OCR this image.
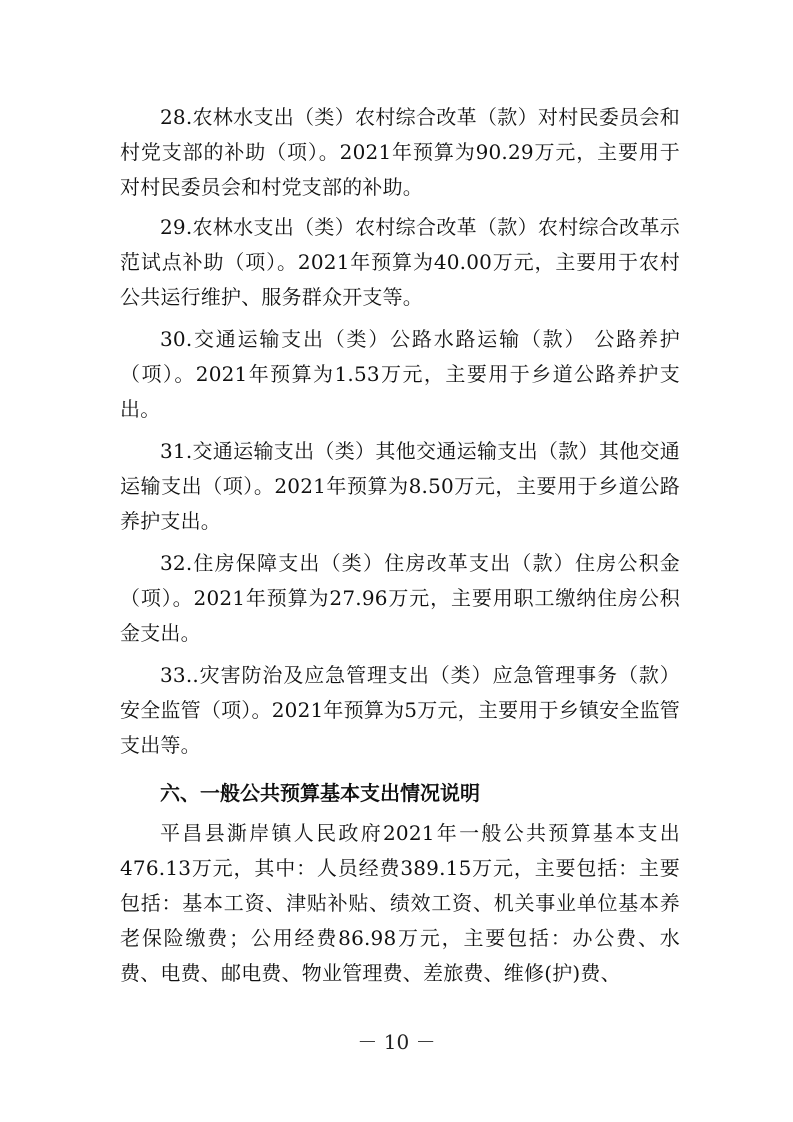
28.农林水支出（类）农村综合改革（款）对村民委员会和村党支部的补助（项）。2021年预算为90.29万元，主要用于对村民委员会和村党支部的补助。

29.农林水支出（类）农村综合改革（款）农村综合改革示范试点补助（项）。2021年预算为40.00万元，主要用于农村公共运行维护、服务群众开支等。

30.交通运输支出（类）公路水路运输（款） 公路养护（项）。2021年预算为1.53万元，主要用于乡道公路养护支出。

31.交通运输支出（类）其他交通运输支出（款）其他交通运输支出（项）。2021年预算为8.50万元，主要用于乡道公路养护支出。

32.住房保障支出（类）住房改革支出（款）住房公积金（项）。2021年预算为27.96万元，主要用职工缴纳住房公积金支出。

33..灾害防治及应急管理支出（类）应急管理事务（款）安全监管（项）。2021年预算为5万元，主要用于乡镇安全监管支出等。

六、一般公共预算基本支出情况说明

平昌县澌岸镇人民政府2021年一般公共预算基本支出476.13万元，其中：人员经费389.15万元，主要包括：主要包括：基本工资、津贴补贴、绩效工资、机关事业单位基本养老保险缴费；公用经费86.98万元，主要包括：办公费、水费、电费、邮电费、物业管理费、差旅费、维修(护)费、

－ 10 －
